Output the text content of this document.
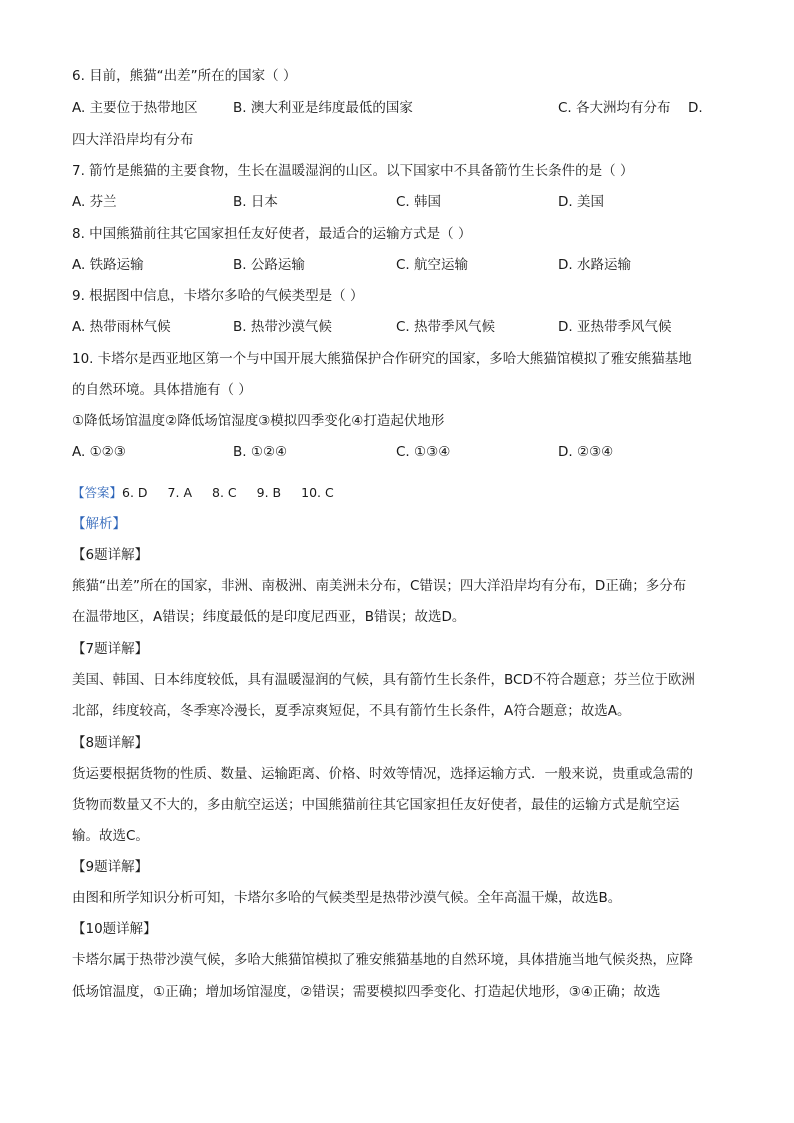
6. 目前，熊猫“出差”所在的国家（ ）
A. 主要位于热带地区	B. 澳大利亚是纬度最低的国家	C. 各大洲均有分布 D.
四大洋沿岸均有分布
7. 箭竹是熊猫的主要食物，生长在温暖湿润的山区。以下国家中不具备箭竹生长条件的是（ ）
A. 芬兰	B. 日本	C. 韩国	D. 美国
8. 中国熊猫前往其它国家担任友好使者，最适合的运输方式是（ ）
A. 铁路运输	B. 公路运输	C. 航空运输	D. 水路运输
9. 根据图中信息，卡塔尔多哈的气候类型是（ ）
A. 热带雨林气候	B. 热带沙漠气候	C. 热带季风气候	D. 亚热带季风气候
10. 卡塔尔是西亚地区第一个与中国开展大熊猫保护合作研究的国家，多哈大熊猫馆模拟了雅安熊猫基地
的自然环境。具体措施有（ ）
①降低场馆温度②降低场馆湿度③模拟四季变化④打造起伏地形
A. ①②③	B. ①②④	C. ①③④	D. ②③④
【答案】6. D 7. A 8. C 9. B 10. C
【解析】
【6题详解】
熊猫“出差”所在的国家，非洲、南极洲、南美洲未分布，C错误；四大洋沿岸均有分布，D正确；多分布
在温带地区，A错误；纬度最低的是印度尼西亚，B错误；故选D。
【7题详解】
美国、韩国、日本纬度较低，具有温暖湿润的气候，具有箭竹生长条件，BCD不符合题意；芬兰位于欧洲
北部，纬度较高，冬季寒冷漫长，夏季凉爽短促，不具有箭竹生长条件，A符合题意；故选A。
【8题详解】
货运要根据货物的性质、数量、运输距离、价格、时效等情况，选择运输方式．一般来说，贵重或急需的
货物而数量又不大的，多由航空运送；中国熊猫前往其它国家担任友好使者，最佳的运输方式是航空运
输。故选C。
【9题详解】
由图和所学知识分析可知，卡塔尔多哈的气候类型是热带沙漠气候。全年高温干燥，故选B。
【10题详解】
卡塔尔属于热带沙漠气候，多哈大熊猫馆模拟了雅安熊猫基地的自然环境，具体措施当地气候炎热，应降
低场馆温度，①正确；增加场馆湿度，②错误；需要模拟四季变化、打造起伏地形，③④正确；故选
